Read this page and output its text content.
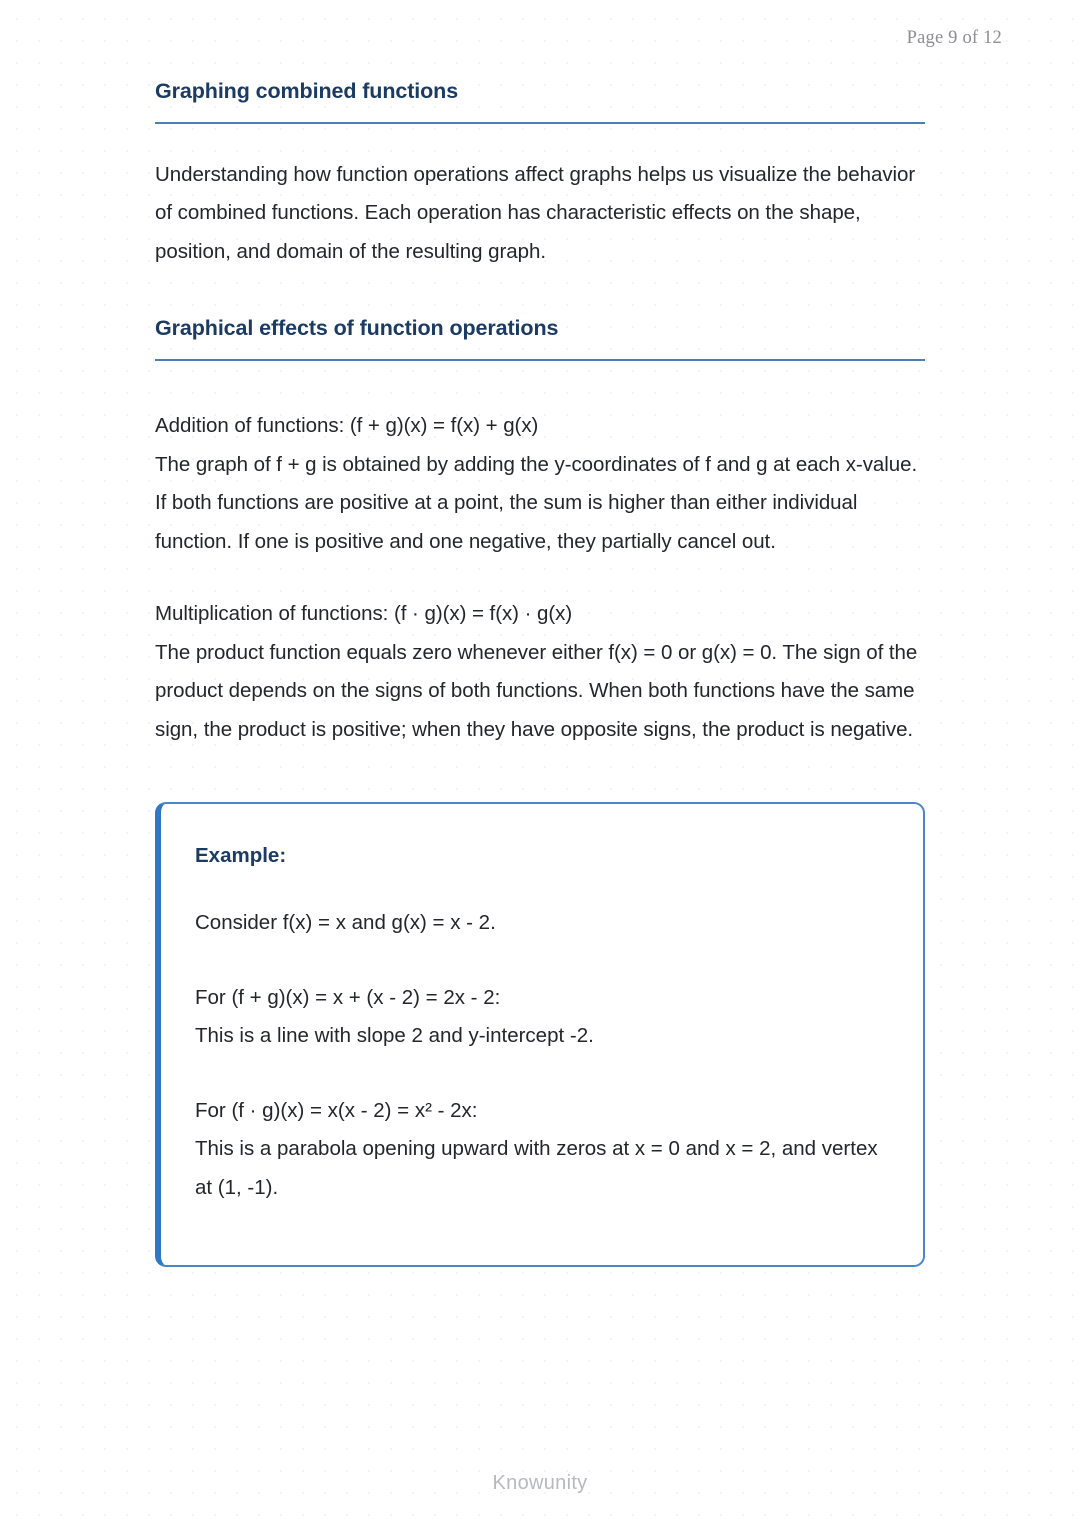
Page 9 of 12
Graphing combined functions

Understanding how function operations affect graphs helps us visualize the behavior of combined functions. Each operation has characteristic effects on the shape, position, and domain of the resulting graph.

Graphical effects of function operations

Addition of functions: (f + g)(x) = f(x) + g(x)

The graph of f + g is obtained by adding the y-coordinates of f and g at each x-value. If both functions are positive at a point, the sum is higher than either individual function. If one is positive and one negative, they partially cancel out.

Multiplication of functions: (f · g)(x) = f(x) · g(x)

The product function equals zero whenever either f(x) = 0 or g(x) = 0. The sign of the product depends on the signs of both functions. When both functions have the same sign, the product is positive; when they have opposite signs, the product is negative.

Example:

Consider f(x) = x and g(x) = x - 2.

For (f + g)(x) = x + (x - 2) = 2x - 2:

This is a line with slope 2 and y-intercept -2.

For (f · g)(x) = x(x - 2) = x² - 2x:

This is a parabola opening upward with zeros at x = 0 and x = 2, and vertex at (1, -1).

Knowunity
